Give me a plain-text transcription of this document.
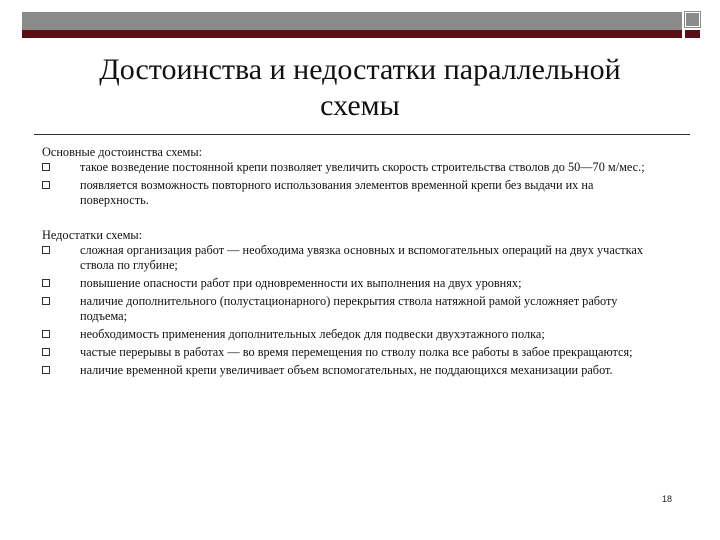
Достоинства и недостатки параллельной
схемы

Основные достоинства схемы:

такое возведение постоянной крепи позволяет увеличить скорость строительства стволов до 50—70 м/мес.;
появляется возможность повторного использования элементов временной крепи без выдачи их на поверхность.

Недостатки схемы:

сложная организация работ — необходима увязка основных и вспомогательных операций на двух участках ствола по глубине;
повышение опасности работ при одновременности их выполнения на двух уровнях;
наличие дополнительного (полустационарного) перекрытия ствола натяжной рамой усложняет работу подъема;
необходимость применения дополнительных лебедок для подвески двухэтажного полка;
частые перерывы в работах — во время перемещения по стволу полка все работы в забое прекращаются;
наличие временной крепи увеличивает объем вспомогательных, не поддающихся механизации работ.
18
